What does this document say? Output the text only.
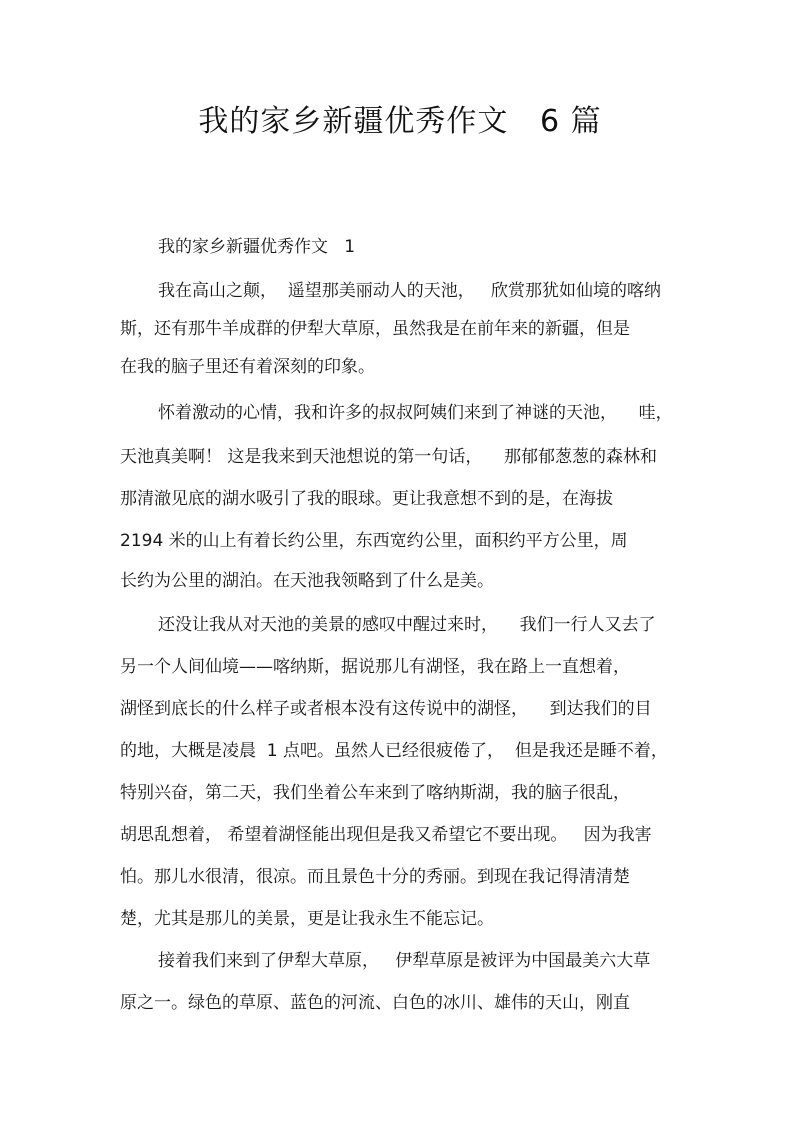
我的家乡新疆优秀作文   6 篇
我的家乡新疆优秀作文   1
我在高山之颠，  遥望那美丽动人的天池，   欣赏那犹如仙境的喀纳
斯，还有那牛羊成群的伊犁大草原，虽然我是在前年来的新疆，但是
在我的脑子里还有着深刻的印象。
怀着激动的心情，我和许多的叔叔阿姨们来到了神谜的天池，    哇，
天池真美啊！ 这是我来到天池想说的第一句话，    那郁郁葱葱的森林和
那清澈见底的湖水吸引了我的眼球。更让我意想不到的是，在海拔
2194 米的山上有着长约公里，东西宽约公里，面积约平方公里，周
长约为公里的湖泊。在天池我领略到了什么是美。
还没让我从对天池的美景的感叹中醒过来时，    我们一行人又去了
另一个人间仙境——喀纳斯，据说那儿有湖怪，我在路上一直想着，
湖怪到底长的什么样子或者根本没有这传说中的湖怪，    到达我们的目
的地，大概是凌晨  1 点吧。虽然人已经很疲倦了，  但是我还是睡不着，
特别兴奋，第二天，我们坐着公车来到了喀纳斯湖，我的脑子很乱，
胡思乱想着， 希望着湖怪能出现但是我又希望它不要出现。   因为我害
怕。那儿水很清，很凉。而且景色十分的秀丽。到现在我记得清清楚
楚，尤其是那儿的美景，更是让我永生不能忘记。
接着我们来到了伊犁大草原，   伊犁草原是被评为中国最美六大草
原之一。绿色的草原、蓝色的河流、白色的冰川、雄伟的天山，刚直
